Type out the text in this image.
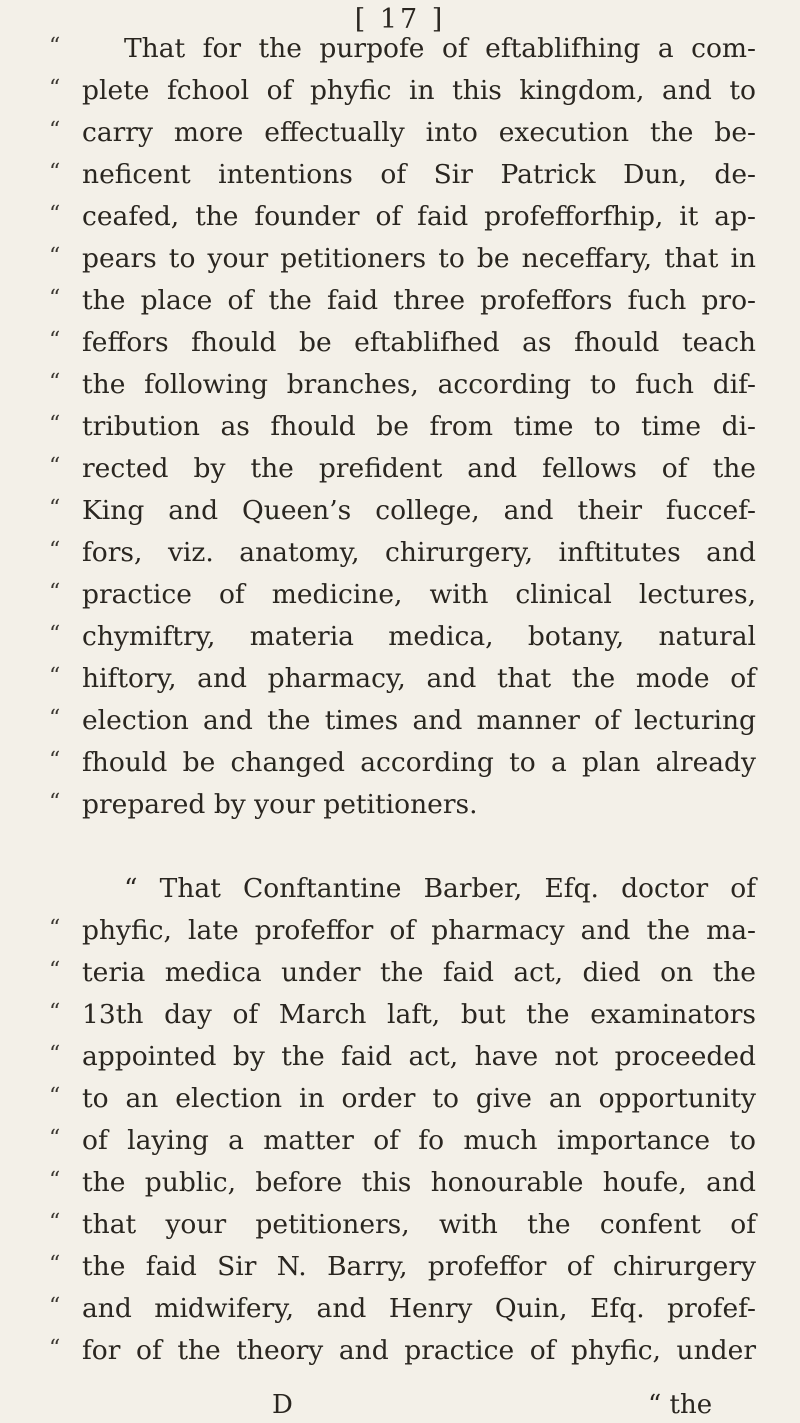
[ 17 ]
“	That for the purpofe of eftablifhing a com-
“ plete fchool of phyfic in this kingdom, and to
“ carry more effectually into execution the be-
“ neficent intentions of Sir Patrick Dun, de-
“ ceafed, the founder of faid profefforfhip, it ap-
“ pears to your petitioners to be neceffary, that in
“ the place of the faid three profeffors fuch pro-
“ feffors fhould be eftablifhed as fhould teach
“ the following branches, according to fuch dif-
“ tribution as fhould be from time to time di-
“ rected by the prefident and fellows of the
“ King and Queen’s college, and their fuccef-
“ fors, viz. anatomy, chirurgery, inftitutes and
“ practice of medicine, with clinical lectures,
“ chymiftry, materia medica, botany, natural
“ hiftory, and pharmacy, and that the mode of
“ election and the times and manner of lecturing
“ fhould be changed according to a plan already
“ prepared by your petitioners.
“ That Conftantine Barber, Efq. doctor of
“ phyfic, late profeffor of pharmacy and the ma-
“ teria medica under the faid act, died on the
“ 13th day of March laft, but the examinators
“ appointed by the faid act, have not proceeded
“ to an election in order to give an opportunity
“ of laying a matter of fo much importance to
“ the public, before this honourable houfe, and
“ that your petitioners, with the confent of
“ the faid Sir N. Barry, profeffor of chirurgery
“ and midwifery, and Henry Quin, Efq. profef-
“ for of the theory and practice of phyfic, under
D	“ the
